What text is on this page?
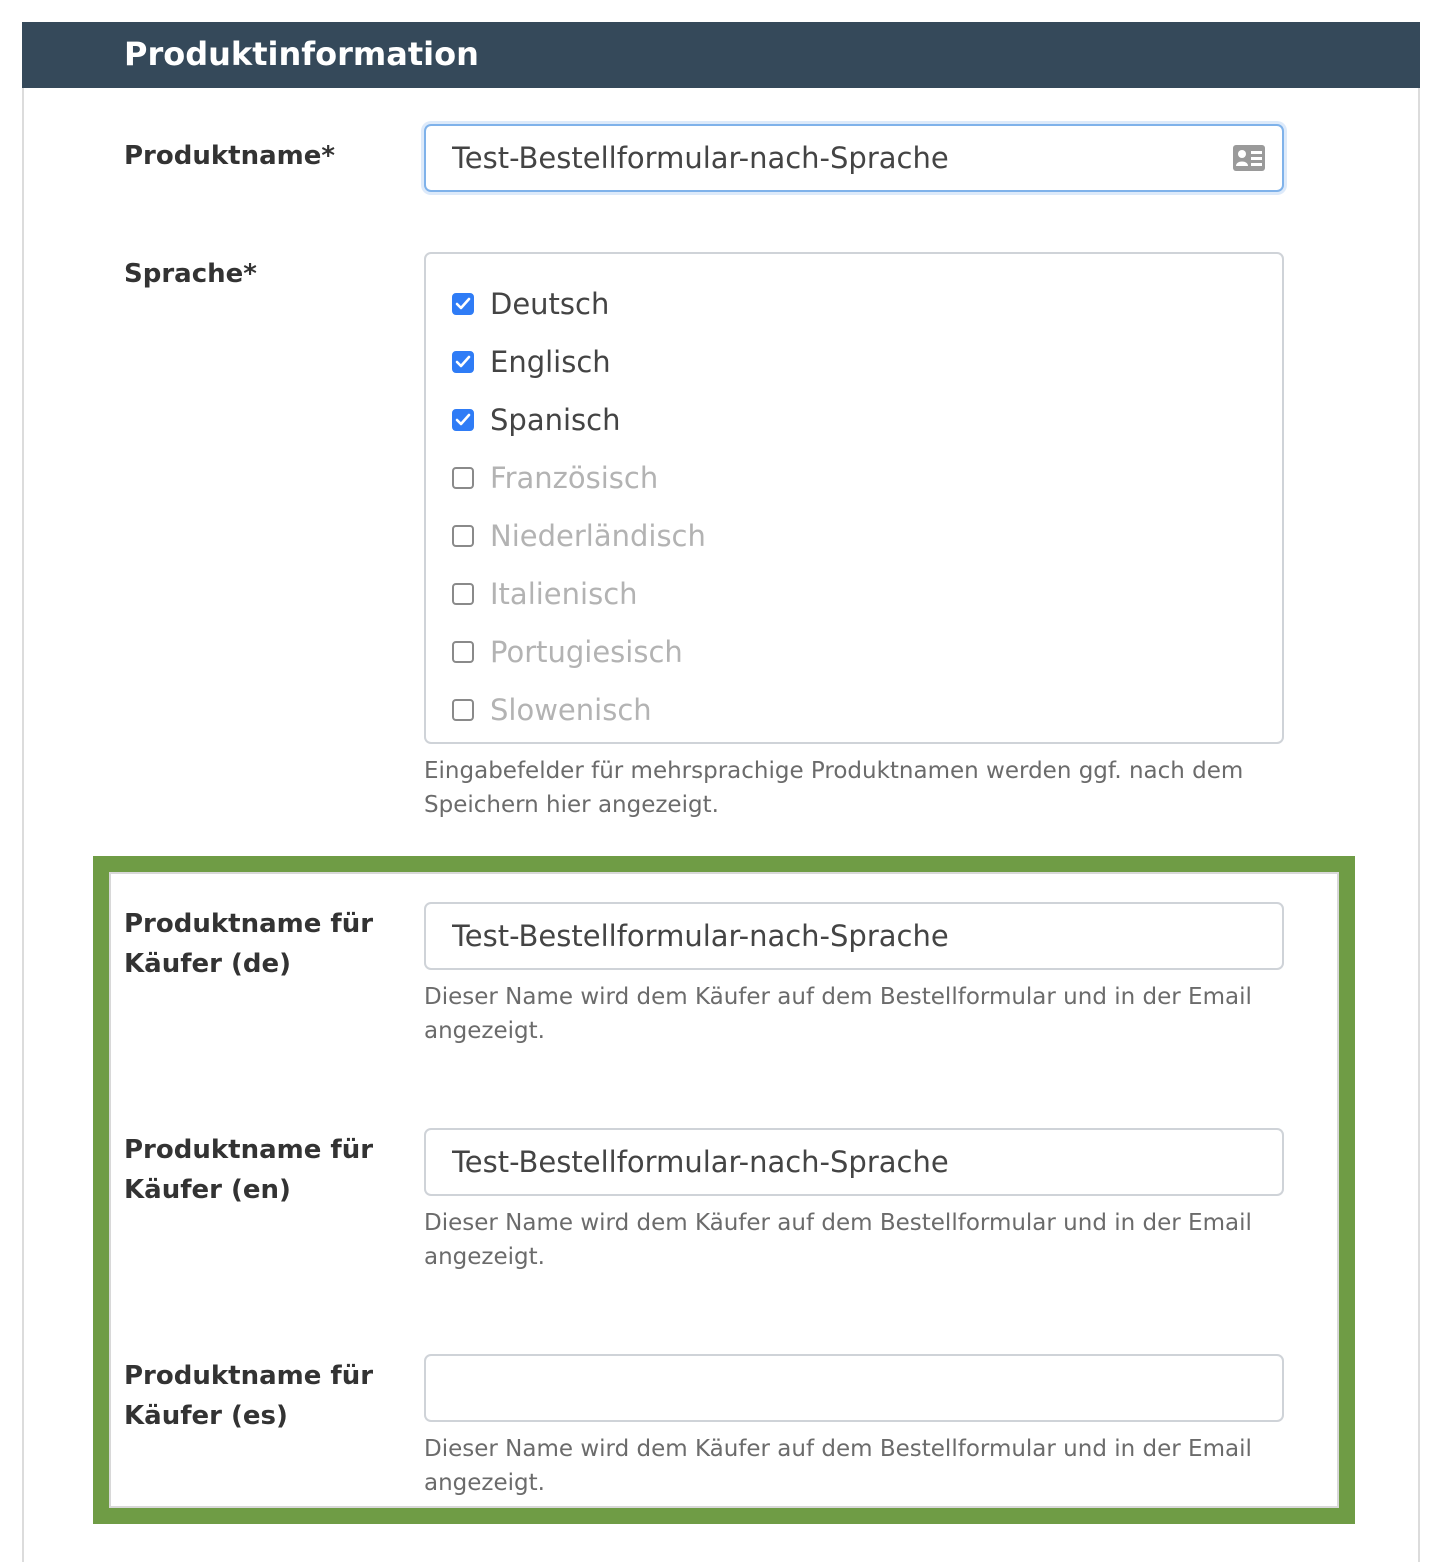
Produktinformation
Produktname*
Test-Bestellformular-nach-Sprache
Sprache*
Deutsch
Englisch
Spanisch
Französisch
Niederländisch
Italienisch
Portugiesisch
Slowenisch

Eingabefelder für mehrsprachige Produktnamen werden ggf. nach dem Speichern hier angezeigt.

Produktname für Käufer (de)
Test-Bestellformular-nach-Sprache

Dieser Name wird dem Käufer auf dem Bestellformular und in der Email angezeigt.

Produktname für Käufer (en)
Test-Bestellformular-nach-Sprache

Dieser Name wird dem Käufer auf dem Bestellformular und in der Email angezeigt.

Produktname für Käufer (es)

Dieser Name wird dem Käufer auf dem Bestellformular und in der Email angezeigt.
